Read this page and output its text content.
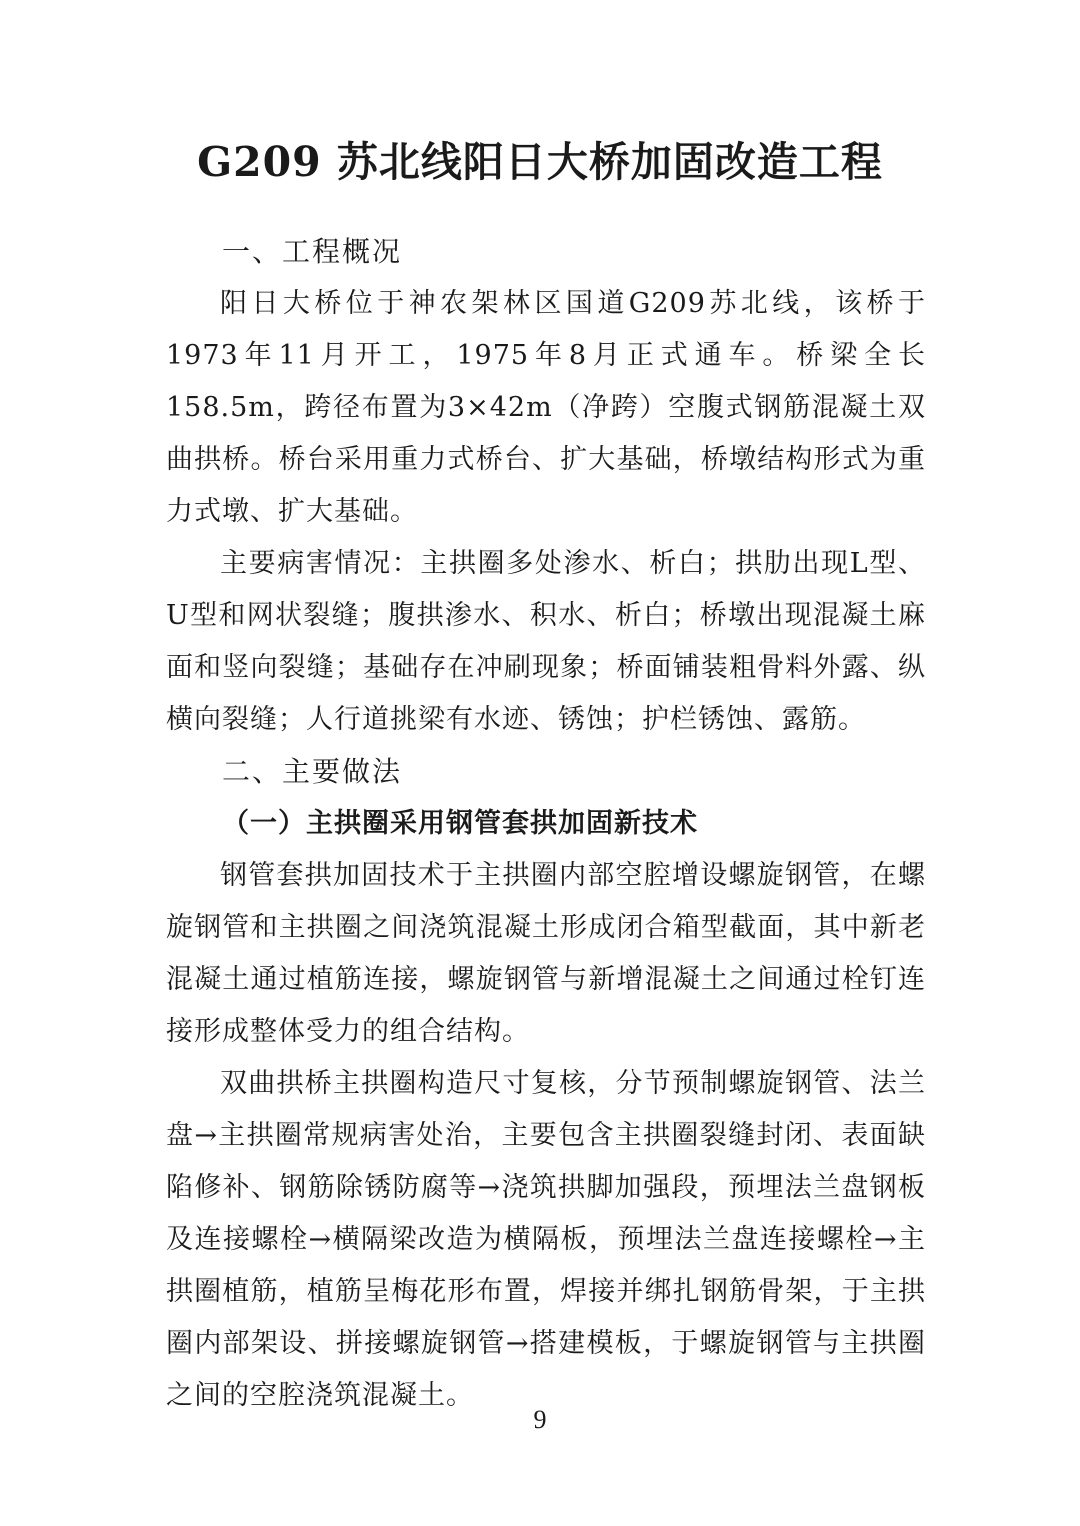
G209 苏北线阳日大桥加固改造工程
一、工程概况

阳日大桥位于神农架林区国道G209苏北线，该桥于1973年11月开工，1975年8月正式通车。桥梁全长158.5m，跨径布置为3×42m（净跨）空腹式钢筋混凝土双曲拱桥。桥台采用重力式桥台、扩大基础，桥墩结构形式为重力式墩、扩大基础。

主要病害情况：主拱圈多处渗水、析白；拱肋出现L型、U型和网状裂缝；腹拱渗水、积水、析白；桥墩出现混凝土麻面和竖向裂缝；基础存在冲刷现象；桥面铺装粗骨料外露、纵横向裂缝；人行道挑梁有水迹、锈蚀；护栏锈蚀、露筋。

二、主要做法
（一）主拱圈采用钢管套拱加固新技术

钢管套拱加固技术于主拱圈内部空腔增设螺旋钢管，在螺旋钢管和主拱圈之间浇筑混凝土形成闭合箱型截面，其中新老混凝土通过植筋连接，螺旋钢管与新增混凝土之间通过栓钉连接形成整体受力的组合结构。

双曲拱桥主拱圈构造尺寸复核，分节预制螺旋钢管、法兰盘→主拱圈常规病害处治，主要包含主拱圈裂缝封闭、表面缺陷修补、钢筋除锈防腐等→浇筑拱脚加强段，预埋法兰盘钢板及连接螺栓→横隔梁改造为横隔板，预埋法兰盘连接螺栓→主拱圈植筋，植筋呈梅花形布置，焊接并绑扎钢筋骨架，于主拱圈内部架设、拼接螺旋钢管→搭建模板，于螺旋钢管与主拱圈之间的空腔浇筑混凝土。

9
